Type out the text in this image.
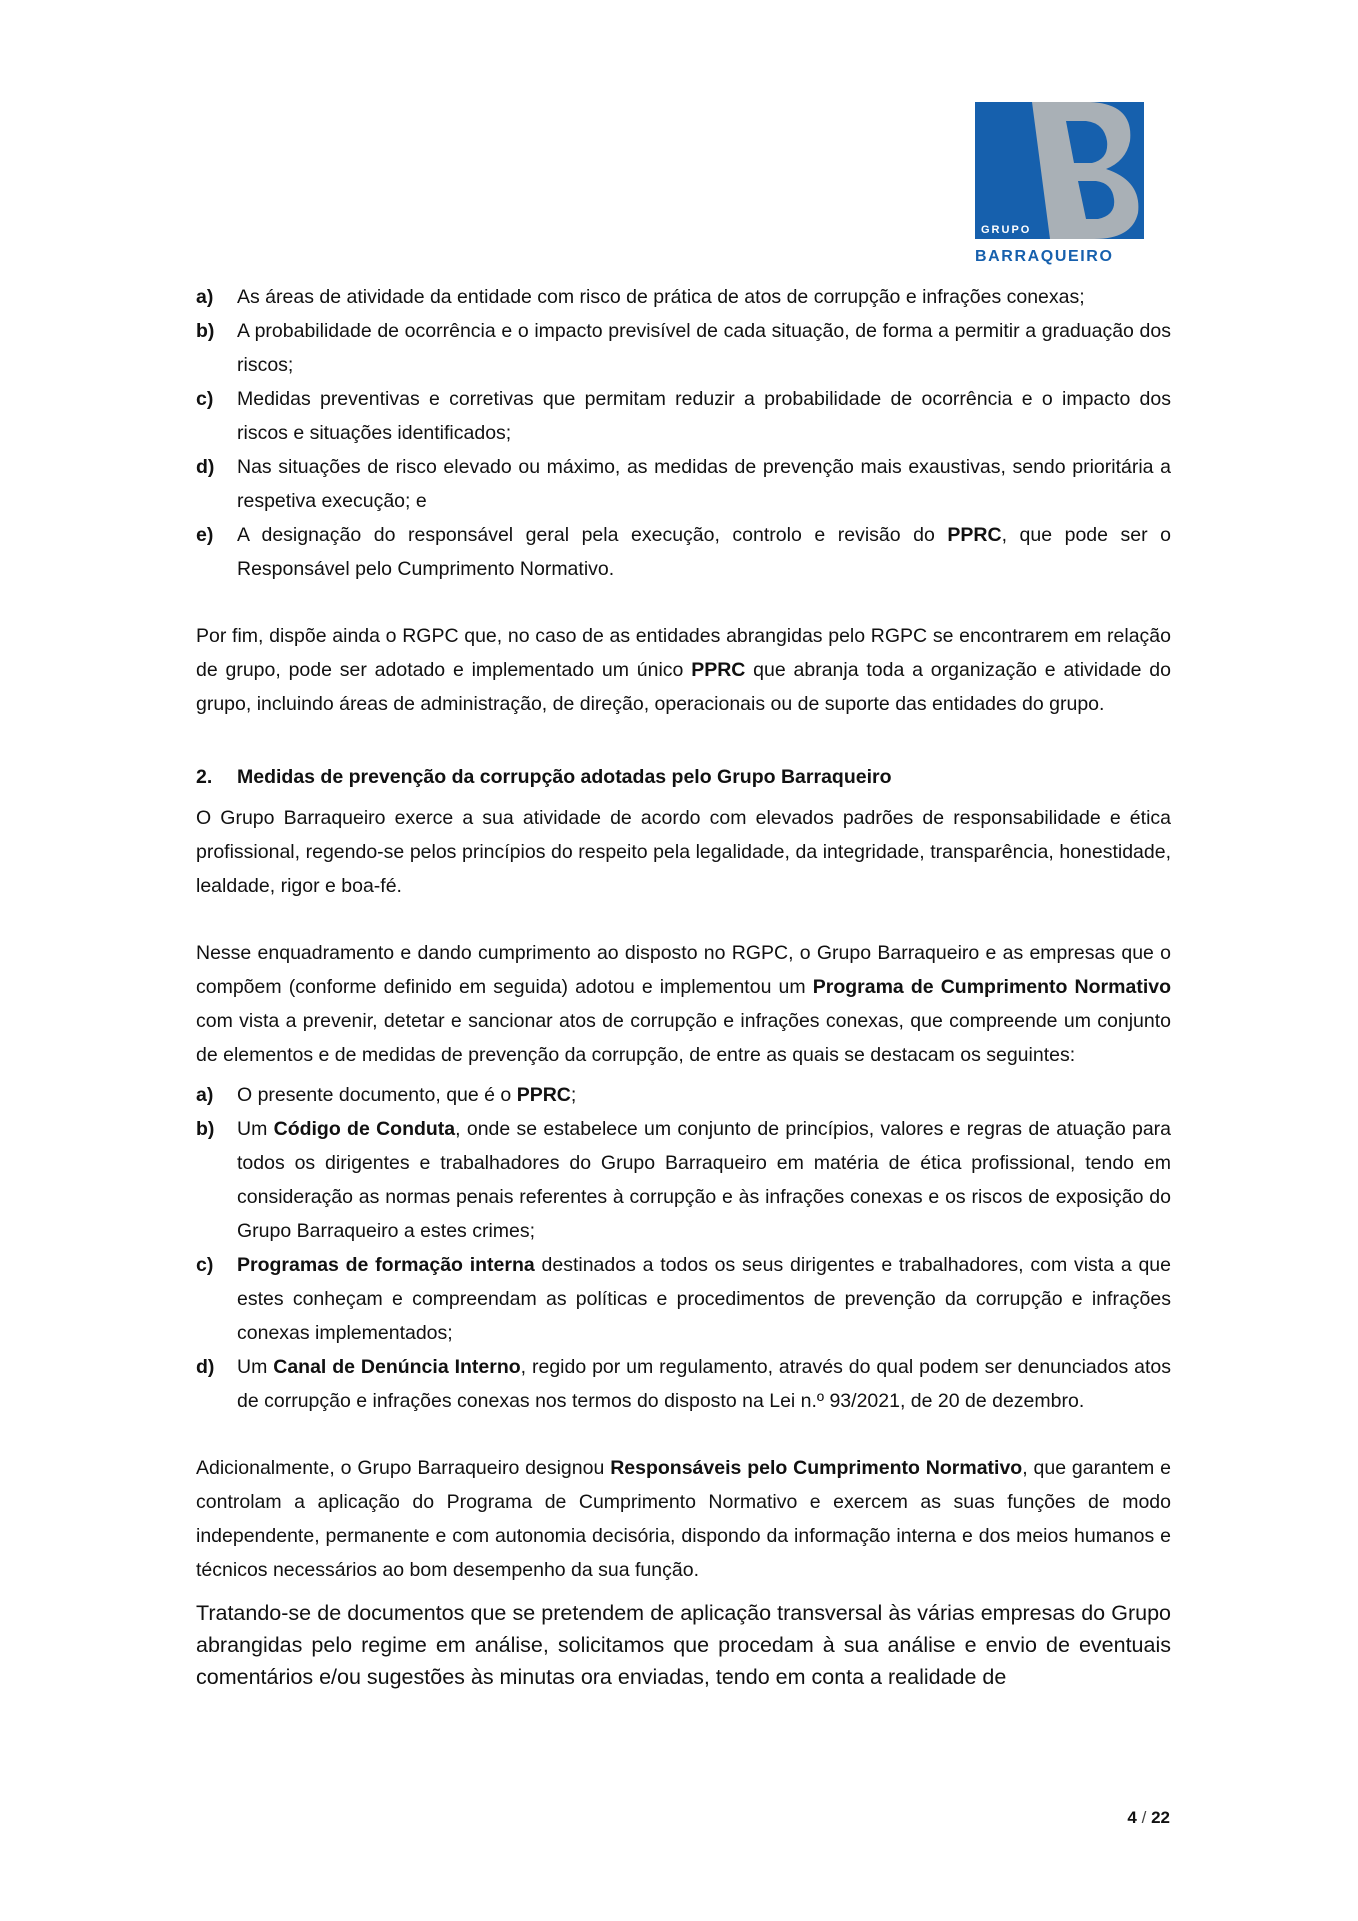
GRUPO
BARRAQUEIRO
a)	As áreas de atividade da entidade com risco de prática de atos de corrupção e infrações conexas;
b)	A probabilidade de ocorrência e o impacto previsível de cada situação, de forma a permitir a graduação dos riscos;
c)	Medidas preventivas e corretivas que permitam reduzir a probabilidade de ocorrência e o impacto dos riscos e situações identificados;
d)	Nas situações de risco elevado ou máximo, as medidas de prevenção mais exaustivas, sendo prioritária a respetiva execução; e
e)	A designação do responsável geral pela execução, controlo e revisão do PPRC, que pode ser o Responsável pelo Cumprimento Normativo.

Por fim, dispõe ainda o RGPC que, no caso de as entidades abrangidas pelo RGPC se encontrarem em relação de grupo, pode ser adotado e implementado um único PPRC que abranja toda a organização e atividade do grupo, incluindo áreas de administração, de direção, operacionais ou de suporte das entidades do grupo.

2.	Medidas de prevenção da corrupção adotadas pelo Grupo Barraqueiro

O Grupo Barraqueiro exerce a sua atividade de acordo com elevados padrões de responsabilidade e ética profissional, regendo-se pelos princípios do respeito pela legalidade, da integridade, transparência, honestidade, lealdade, rigor e boa-fé.

Nesse enquadramento e dando cumprimento ao disposto no RGPC, o Grupo Barraqueiro e as empresas que o compõem (conforme definido em seguida) adotou e implementou um Programa de Cumprimento Normativo com vista a prevenir, detetar e sancionar atos de corrupção e infrações conexas, que compreende um conjunto de elementos e de medidas de prevenção da corrupção, de entre as quais se destacam os seguintes:

a)	O presente documento, que é o PPRC;
b)	Um Código de Conduta, onde se estabelece um conjunto de princípios, valores e regras de atuação para todos os dirigentes e trabalhadores do Grupo Barraqueiro em matéria de ética profissional, tendo em consideração as normas penais referentes à corrupção e às infrações conexas e os riscos de exposição do Grupo Barraqueiro a estes crimes;
c)	Programas de formação interna destinados a todos os seus dirigentes e trabalhadores, com vista a que estes conheçam e compreendam as políticas e procedimentos de prevenção da corrupção e infrações conexas implementados;
d)	Um Canal de Denúncia Interno, regido por um regulamento, através do qual podem ser denunciados atos de corrupção e infrações conexas nos termos do disposto na Lei n.º 93/2021, de 20 de dezembro.

Adicionalmente, o Grupo Barraqueiro designou Responsáveis pelo Cumprimento Normativo, que garantem e controlam a aplicação do Programa de Cumprimento Normativo e exercem as suas funções de modo independente, permanente e com autonomia decisória, dispondo da informação interna e dos meios humanos e técnicos necessários ao bom desempenho da sua função.

Tratando-se de documentos que se pretendem de aplicação transversal às várias empresas do Grupo abrangidas pelo regime em análise, solicitamos que procedam à sua análise e envio de eventuais comentários e/ou sugestões às minutas ora enviadas, tendo em conta a realidade de

4 / 22
